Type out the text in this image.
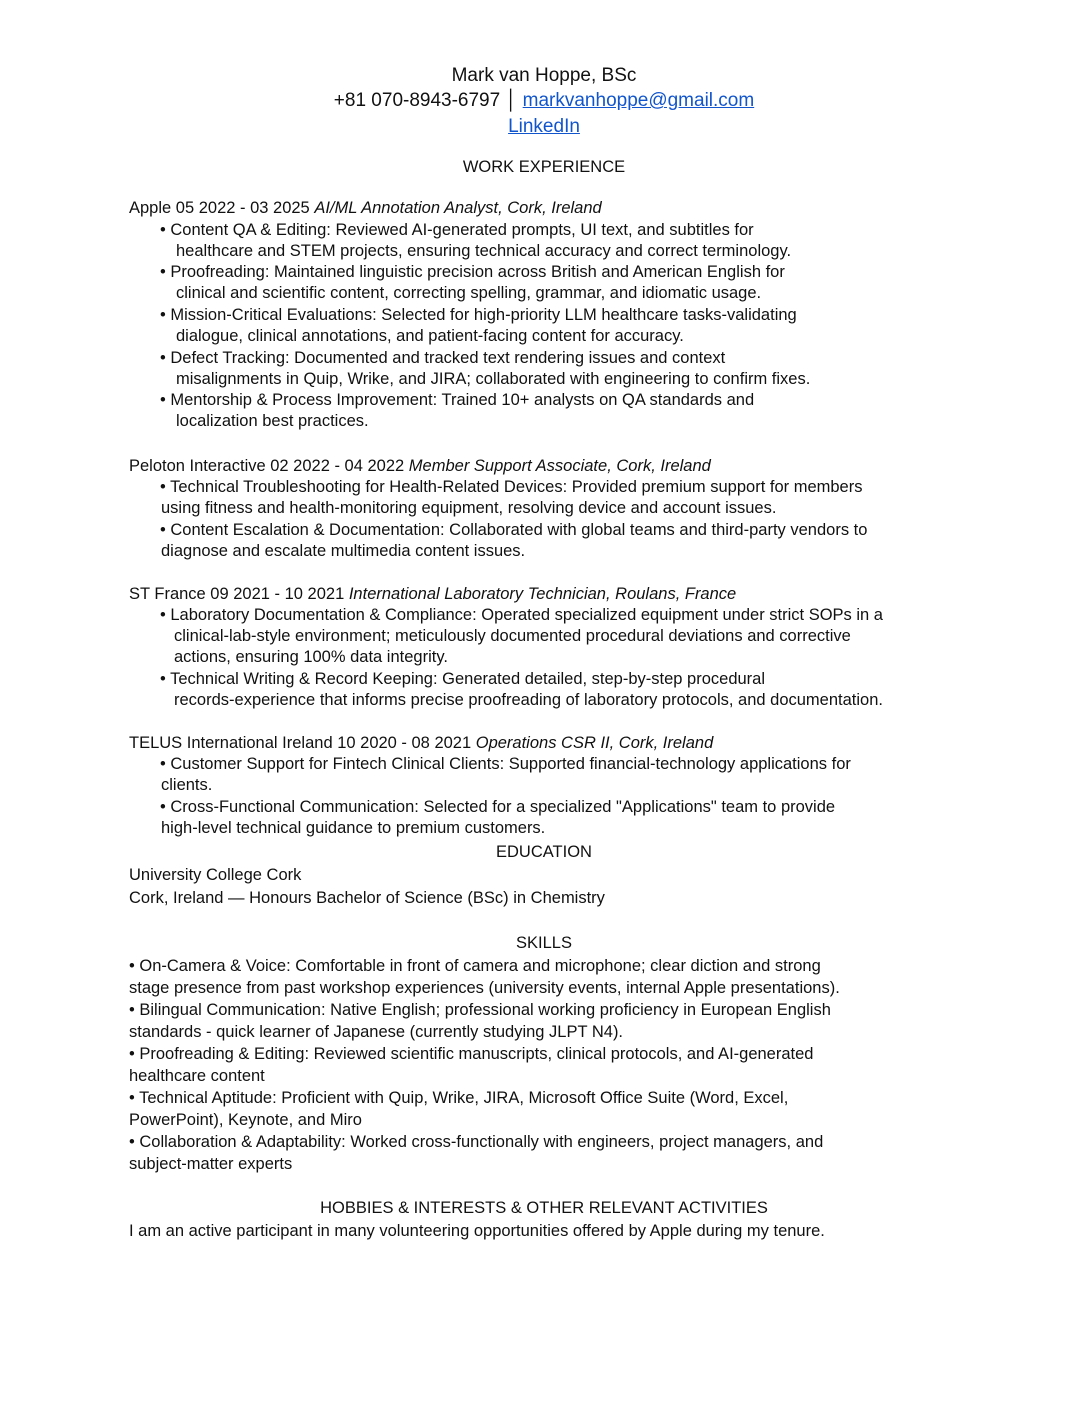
Mark van Hoppe, BSc
+81 070-8943-6797 │ markvanhoppe@gmail.com
LinkedIn
WORK EXPERIENCE
Apple 05 2022 - 03 2025 AI/ML Annotation Analyst, Cork, Ireland
• Content QA & Editing: Reviewed AI-generated prompts, UI text, and subtitles for
healthcare and STEM projects, ensuring technical accuracy and correct terminology.
• Proofreading: Maintained linguistic precision across British and American English for
clinical and scientific content, correcting spelling, grammar, and idiomatic usage.
• Mission-Critical Evaluations: Selected for high-priority LLM healthcare tasks-validating
dialogue, clinical annotations, and patient-facing content for accuracy.
• Defect Tracking: Documented and tracked text rendering issues and context
misalignments in Quip, Wrike, and JIRA; collaborated with engineering to confirm fixes.
• Mentorship & Process Improvement: Trained 10+ analysts on QA standards and
localization best practices.
Peloton Interactive 02 2022 - 04 2022 Member Support Associate, Cork, Ireland
• Technical Troubleshooting for Health-Related Devices: Provided premium support for members
using fitness and health-monitoring equipment, resolving device and account issues.
• Content Escalation & Documentation: Collaborated with global teams and third-party vendors to
diagnose and escalate multimedia content issues.
ST France 09 2021 - 10 2021 International Laboratory Technician, Roulans, France
• Laboratory Documentation & Compliance: Operated specialized equipment under strict SOPs in a
clinical-lab-style environment; meticulously documented procedural deviations and corrective
actions, ensuring 100% data integrity.
• Technical Writing & Record Keeping: Generated detailed, step-by-step procedural
records-experience that informs precise proofreading of laboratory protocols, and documentation.
TELUS International Ireland 10 2020 - 08 2021 Operations CSR II, Cork, Ireland
• Customer Support for Fintech Clinical Clients: Supported financial-technology applications for
clients.
• Cross-Functional Communication: Selected for a specialized "Applications" team to provide
high-level technical guidance to premium customers.
EDUCATION
University College Cork
Cork, Ireland — Honours Bachelor of Science (BSc) in Chemistry
SKILLS
• On-Camera & Voice: Comfortable in front of camera and microphone; clear diction and strong
stage presence from past workshop experiences (university events, internal Apple presentations).
• Bilingual Communication: Native English; professional working proficiency in European English
standards - quick learner of Japanese (currently studying JLPT N4).
• Proofreading & Editing: Reviewed scientific manuscripts, clinical protocols, and AI-generated
healthcare content
• Technical Aptitude: Proficient with Quip, Wrike, JIRA, Microsoft Office Suite (Word, Excel,
PowerPoint), Keynote, and Miro
• Collaboration & Adaptability: Worked cross-functionally with engineers, project managers, and
subject-matter experts
HOBBIES & INTERESTS & OTHER RELEVANT ACTIVITIES
I am an active participant in many volunteering opportunities offered by Apple during my tenure.
